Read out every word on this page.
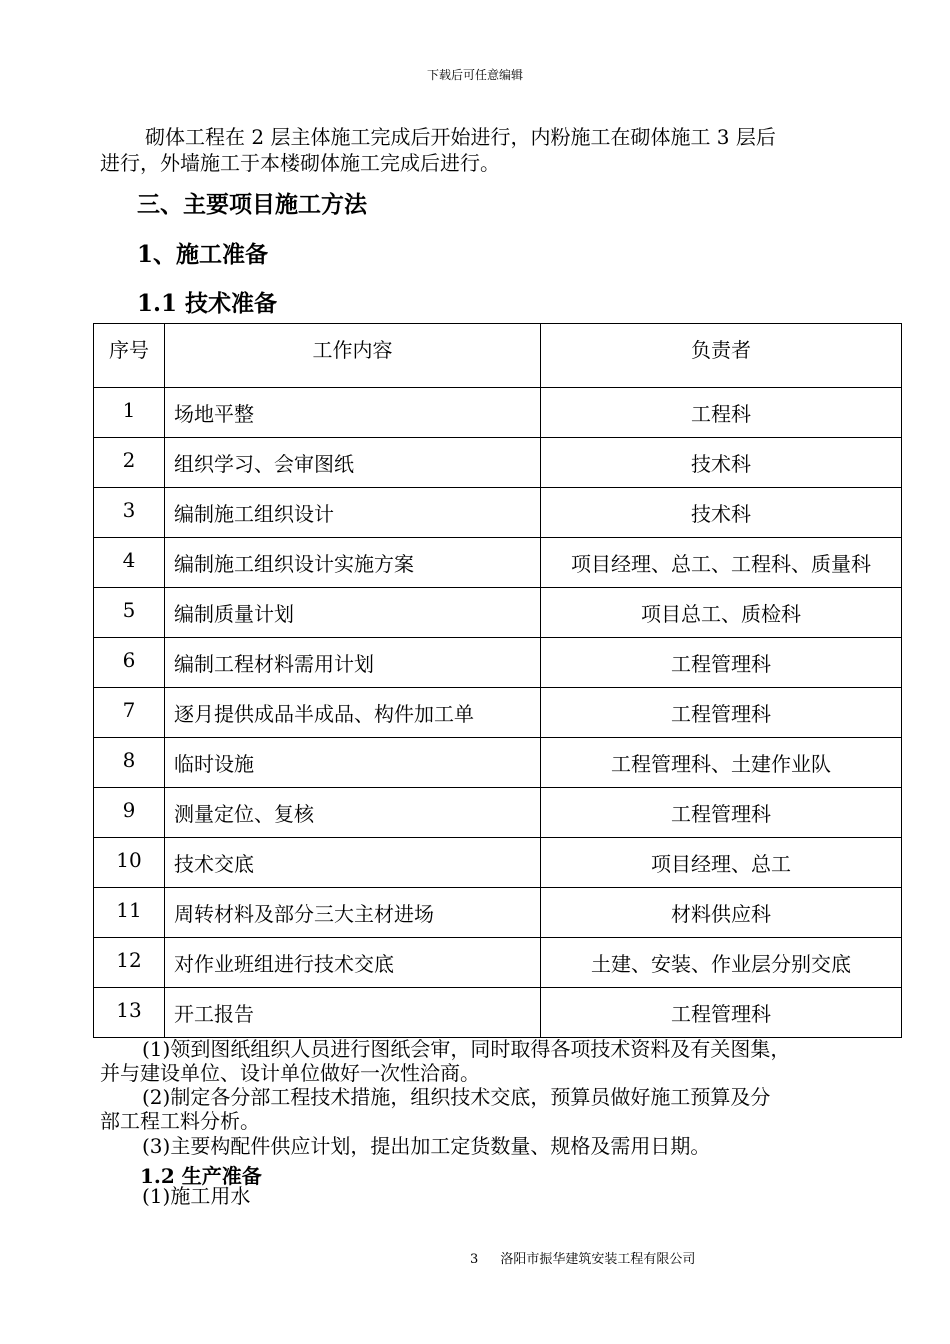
下载后可任意编辑
砌体工程在 2 层主体施工完成后开始进行，内粉施工在砌体施工 3 层后
进行，外墙施工于本楼砌体施工完成后进行。
三、主要项目施工方法
1、施工准备
1.1 技术准备
序号	工作内容	负责者
1	场地平整	工程科
2	组织学习、会审图纸	技术科
3	编制施工组织设计	技术科
4	编制施工组织设计实施方案	项目经理、总工、工程科、质量科
5	编制质量计划	项目总工、质检科
6	编制工程材料需用计划	工程管理科
7	逐月提供成品半成品、构件加工单	工程管理科
8	临时设施	工程管理科、土建作业队
9	测量定位、复核	工程管理科
10	技术交底	项目经理、总工
11	周转材料及部分三大主材进场	材料供应科
12	对作业班组进行技术交底	土建、安装、作业层分别交底
13	开工报告	工程管理科
(1)领到图纸组织人员进行图纸会审，同时取得各项技术资料及有关图集，
并与建设单位、设计单位做好一次性洽商。
(2)制定各分部工程技术措施，组织技术交底，预算员做好施工预算及分
部工程工料分析。
(3)主要构配件供应计划，提出加工定货数量、规格及需用日期。
1.2 生产准备
(1)施工用水
3 洛阳市振华建筑安装工程有限公司
